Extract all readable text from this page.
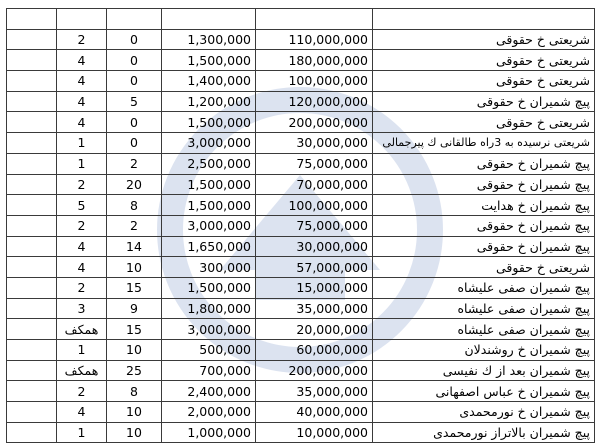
زیربنا	طبقه	سن بنا	مبلغ اجاره	مبلغ ودیعه	آدرس
85	2	0	1,300,000	110,000,000	شریعتی خ حقوقی
135	4	0	1,500,000	180,000,000	شریعتی خ حقوقی
80	4	0	1,400,000	100,000,000	شریعتی خ حقوقی
97	4	5	1,200,000	120,000,000	پیچ شمیران خ حقوقی
135	4	0	1,500,000	200,000,000	شریعتی خ حقوقی
85	1	0	3,000,000	30,000,000	شریعتی نرسیده به 3راه طالقانی ك پیرجمالی
100	1	2	2,500,000	75,000,000	پیچ شمیران خ حقوقی
72	2	20	1,500,000	70,000,000	پیچ شمیران خ حقوقی
100	5	8	1,500,000	100,000,000	پیچ شمیران خ هدایت
112	2	2	3,000,000	75,000,000	پیچ شمیران خ حقوقی
55	4	14	1,650,000	30,000,000	پیچ شمیران خ حقوقی
70	4	10	300,000	57,000,000	شریعتی خ حقوقی
90	2	15	1,500,000	15,000,000	پیچ شمیران صفی علیشاه
100	3	9	1,800,000	35,000,000	پیچ شمیران صفی علیشاه
180	همکف	15	3,000,000	20,000,000	پیچ شمیران صفی علیشاه
56	1	10	500,000	60,000,000	پیچ شمیران خ روشندلان
223	همکف	25	700,000	200,000,000	پیچ شمیران بعد از ك نفیسی
83	2	8	2,400,000	35,000,000	پیچ شمیران خ عباس اصفهانی
57	4	10	2,000,000	40,000,000	پیچ شمیران خ نورمحمدی
68	1	10	1,000,000	10,000,000	پیچ شمیران بالاتراز نورمحمدی
